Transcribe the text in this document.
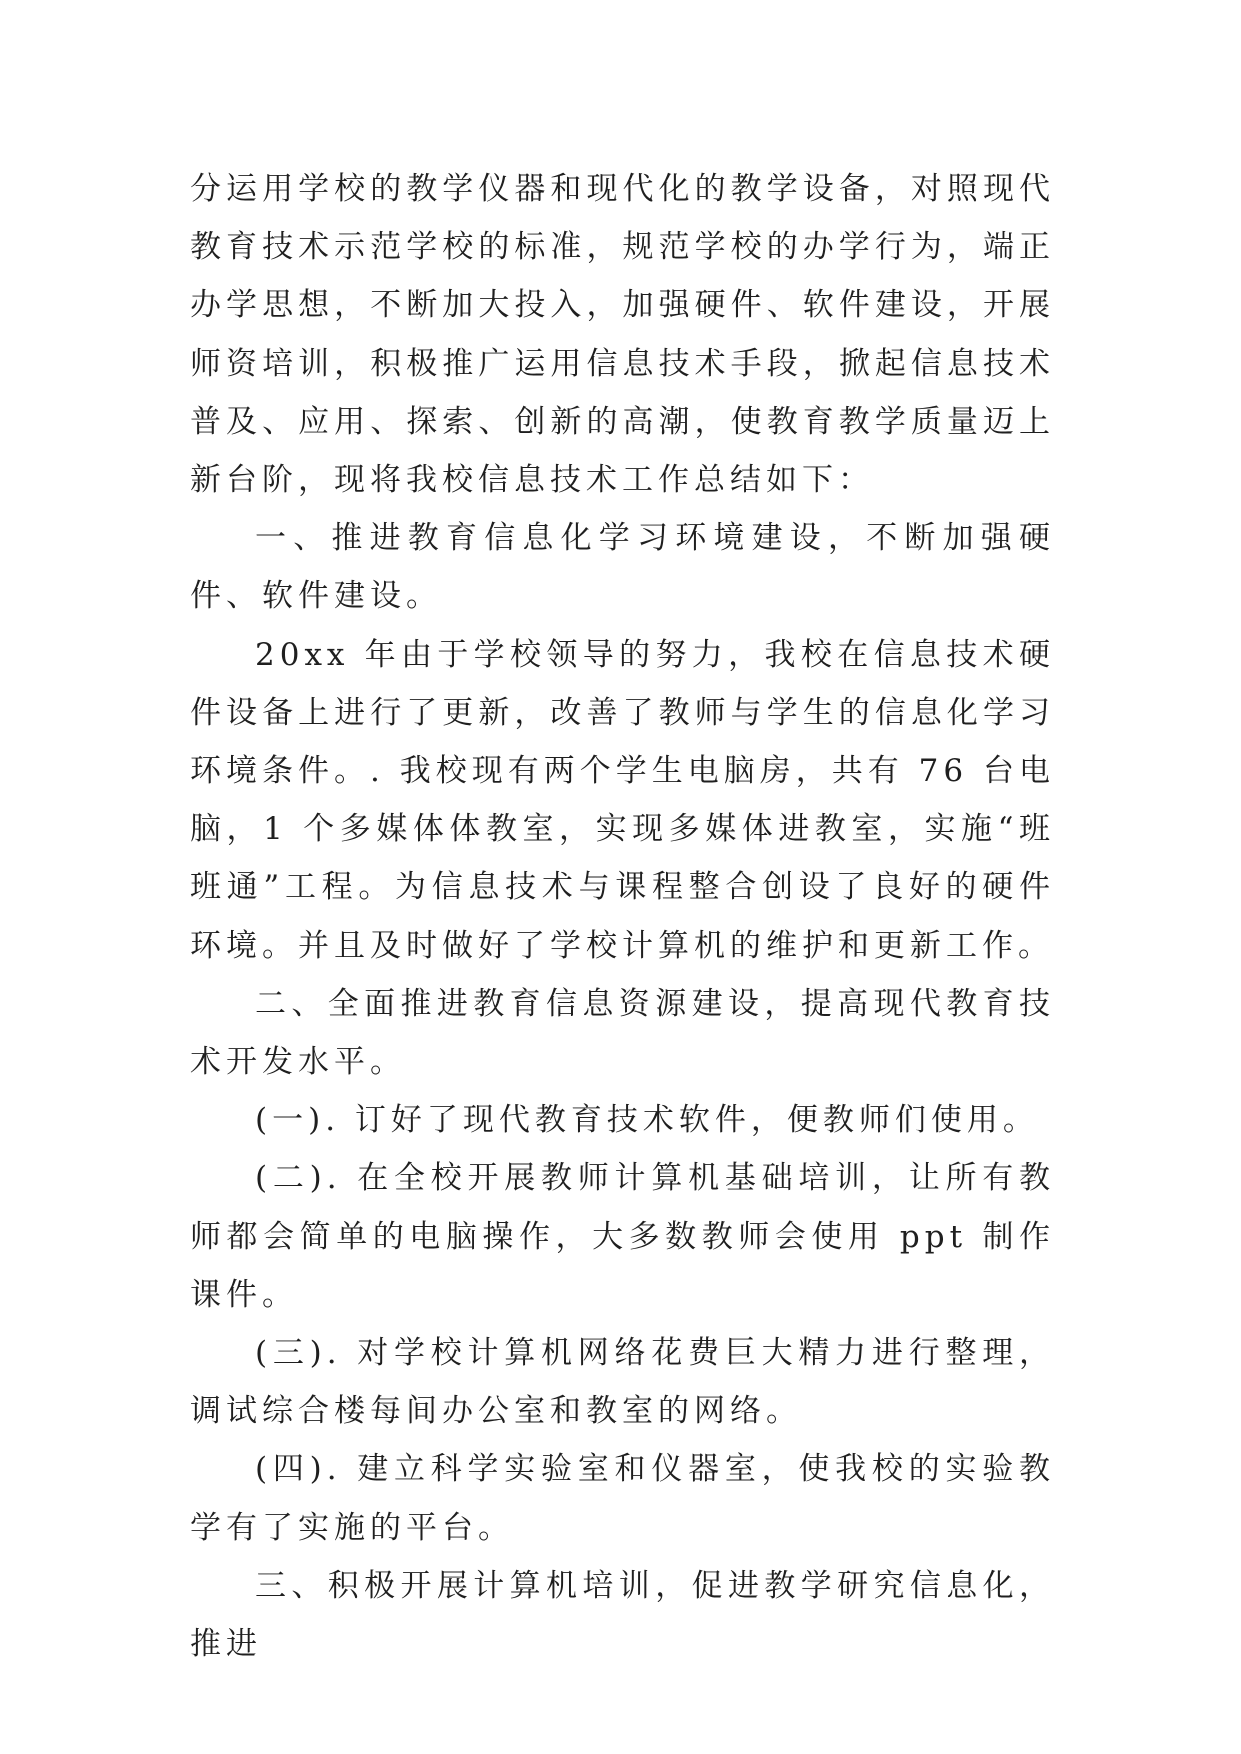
分运用学校的教学仪器和现代化的教学设备，对照现代教育技术示范学校的标准，规范学校的办学行为，端正办学思想，不断加大投入，加强硬件、软件建设，开展师资培训，积极推广运用信息技术手段，掀起信息技术普及、应用、探索、创新的高潮，使教育教学质量迈上新台阶，现将我校信息技术工作总结如下：

一、推进教育信息化学习环境建设，不断加强硬件、软件建设。

20xx 年由于学校领导的努力，我校在信息技术硬件设备上进行了更新，改善了教师与学生的信息化学习环境条件。. 我校现有两个学生电脑房，共有 76 台电脑，1 个多媒体体教室，实现多媒体进教室，实施“班班通”工程。为信息技术与课程整合创设了良好的硬件环境。并且及时做好了学校计算机的维护和更新工作。

二、全面推进教育信息资源建设，提高现代教育技术开发水平。

(一). 订好了现代教育技术软件，便教师们使用。

(二). 在全校开展教师计算机基础培训，让所有教师都会简单的电脑操作，大多数教师会使用 ppt 制作课件。

(三). 对学校计算机网络花费巨大精力进行整理，调试综合楼每间办公室和教室的网络。

(四). 建立科学实验室和仪器室，使我校的实验教学有了实施的平台。

三、积极开展计算机培训，促进教学研究信息化，推进
